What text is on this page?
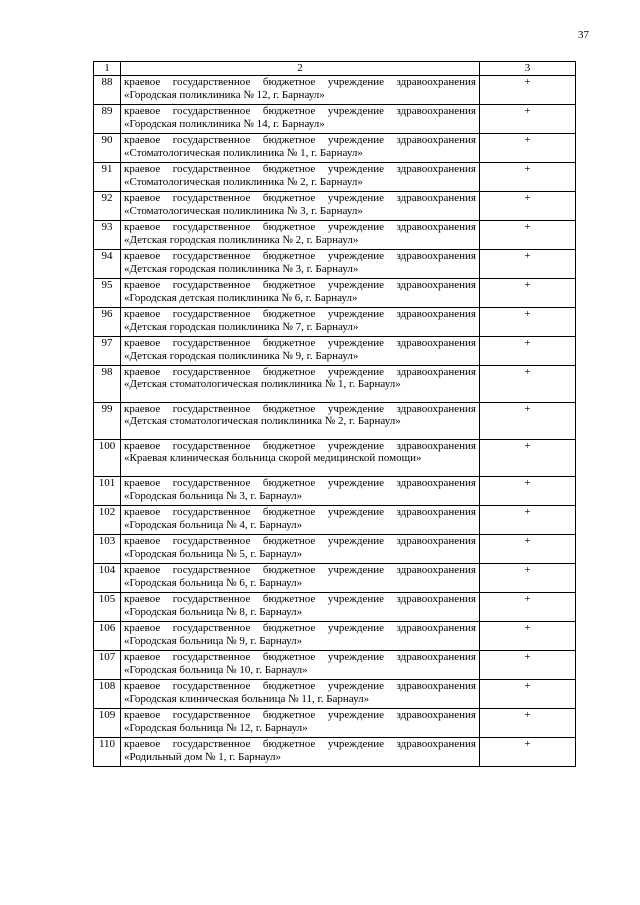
37
1	2	3
88	краевое государственное бюджетное учреждение здравоохранения «Городская поликлиника № 12, г. Барнаул»	+
89	краевое государственное бюджетное учреждение здравоохранения «Городская поликлиника № 14, г. Барнаул»	+
90	краевое государственное бюджетное учреждение здравоохранения «Стоматологическая поликлиника № 1, г. Барнаул»	+
91	краевое государственное бюджетное учреждение здравоохранения «Стоматологическая поликлиника № 2, г. Барнаул»	+
92	краевое государственное бюджетное учреждение здравоохранения «Стоматологическая поликлиника № 3, г. Барнаул»	+
93	краевое государственное бюджетное учреждение здравоохранения «Детская городская поликлиника № 2, г. Барнаул»	+
94	краевое государственное бюджетное учреждение здравоохранения «Детская городская поликлиника № 3, г. Барнаул»	+
95	краевое государственное бюджетное учреждение здравоохранения «Городская детская поликлиника № 6, г. Барнаул»	+
96	краевое государственное бюджетное учреждение здравоохранения «Детская городская поликлиника № 7, г. Барнаул»	+
97	краевое государственное бюджетное учреждение здравоохранения «Детская городская поликлиника № 9, г. Барнаул»	+
98	краевое государственное бюджетное учреждение здравоохранения «Детская стоматологическая поликлиника № 1, г. Барнаул»	+
99	краевое государственное бюджетное учреждение здравоохранения «Детская стоматологическая поликлиника № 2, г. Барнаул»	+
100	краевое государственное бюджетное учреждение здравоохранения «Краевая клиническая больница скорой медицинской помощи»	+
101	краевое государственное бюджетное учреждение здравоохранения «Городская больница № 3, г. Барнаул»	+
102	краевое государственное бюджетное учреждение здравоохранения «Городская больница № 4, г. Барнаул»	+
103	краевое государственное бюджетное учреждение здравоохранения «Городская больница № 5, г. Барнаул»	+
104	краевое государственное бюджетное учреждение здравоохранения «Городская больница № 6, г. Барнаул»	+
105	краевое государственное бюджетное учреждение здравоохранения «Городская больница № 8, г. Барнаул»	+
106	краевое государственное бюджетное учреждение здравоохранения «Городская больница № 9, г. Барнаул»	+
107	краевое государственное бюджетное учреждение здравоохранения «Городская больница № 10, г. Барнаул»	+
108	краевое государственное бюджетное учреждение здравоохранения «Городская клиническая больница № 11, г. Барнаул»	+
109	краевое государственное бюджетное учреждение здравоохранения «Городская больница № 12, г. Барнаул»	+
110	краевое государственное бюджетное учреждение здравоохранения «Родильный дом № 1, г. Барнаул»	+
